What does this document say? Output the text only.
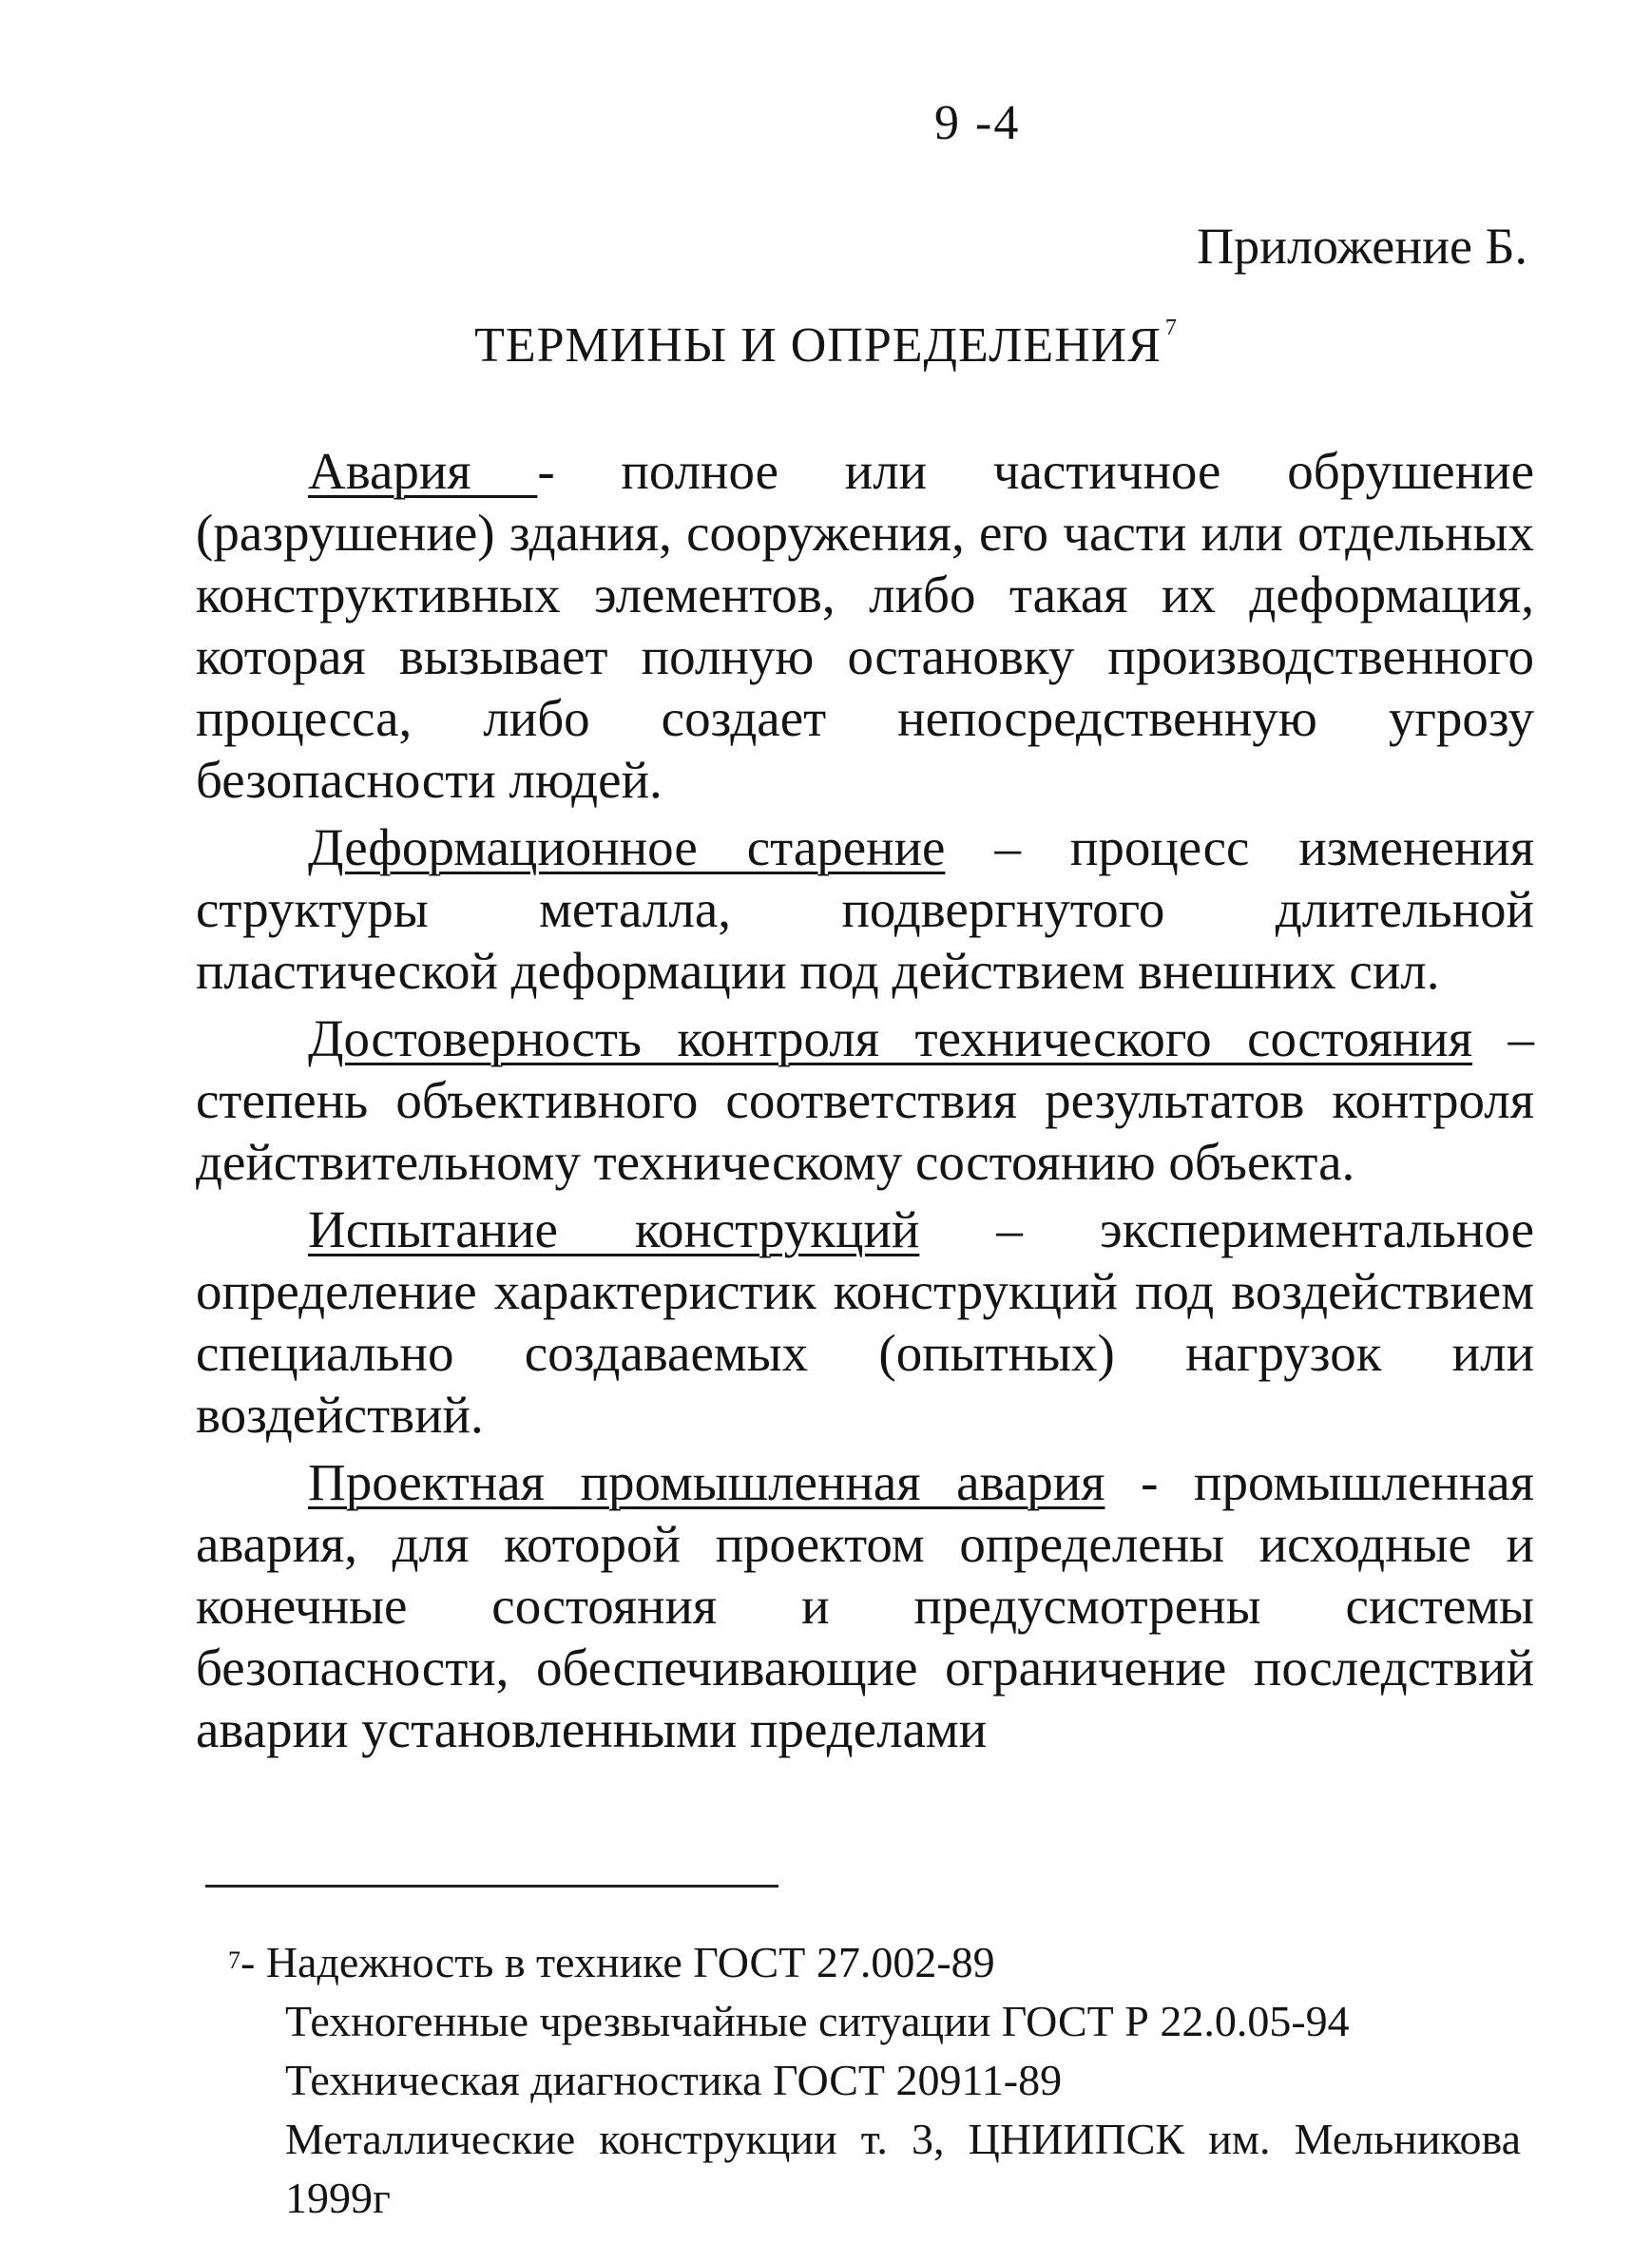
9 -4
Приложение Б.
ТЕРМИНЫ И ОПРЕДЕЛЕНИЯ $^7$

Авария - полное или частичное обрушение (разрушение) здания, сооружения, его части или отдельных конструктивных элементов, либо такая их деформация, которая вызывает полную остановку производственного процесса, либо создает непосредственную угрозу безопасности людей.

Деформационное старение – процесс изменения структуры металла, подвергнутого длительной пластической деформации под действием внешних сил.

Достоверность контроля технического состояния – степень объективного соответствия результатов контроля действительному техническому состоянию объекта.

Испытание конструкций – экспериментальное определение характеристик конструкций под воздействием специально создаваемых (опытных) нагрузок или воздействий.

Проектная промышленная авария - промышленная авария, для которой проектом определены исходные и конечные состояния и предусмотрены системы безопасности, обеспечивающие ограничение последствий аварии установленными пределами

$^7$- Надежность в технике ГОСТ 27.002-89
Техногенные чрезвычайные ситуации ГОСТ Р 22.0.05-94
Техническая диагностика ГОСТ 20911-89
Металлические конструкции т. 3, ЦНИИПСК им. Мельникова 1999г
